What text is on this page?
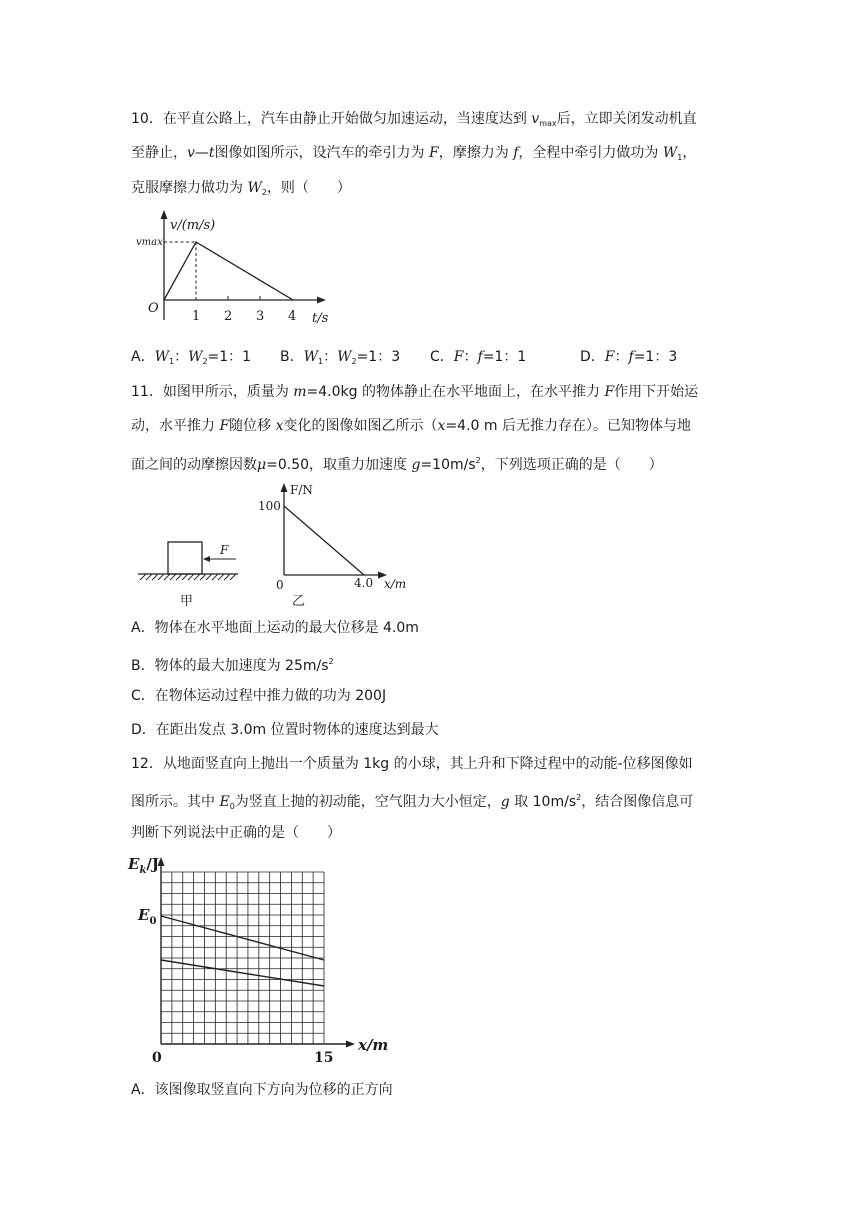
10．在平直公路上，汽车由静止开始做匀加速运动，当速度达到 $v_{max}$后，立即关闭发动机直
至静止，v—t图像如图所示，设汽车的牵引力为 F，摩擦力为 f，全程中牵引力做功为 $W_1$，
克服摩擦力做功为 $W_2$，则（　　）
v/(m/s)
vmax
O
1 2 3 4 t/s
A．$W_1$：$W_2=1$：1 B．$W_1$：$W_2=1$：3 C．F：f=1：1	D．F：f=1：3
11．如图甲所示，质量为 m=4.0kg 的物体静止在水平地面上，在水平推力 F作用下开始运
动，水平推力 F随位移 x变化的图像如图乙所示（x=4.0 m 后无推力存在）。已知物体与地
面之间的动摩擦因数μ=0.50，取重力加速度 $g=10m/s^2$，下列选项正确的是（　　）
F
甲
F/N
100
0	4.0 x/m
乙
A．物体在水平地面上运动的最大位移是 4.0m
B．物体的最大加速度为 $25m/s^2$
C．在物体运动过程中推力做的功为 200J
D．在距出发点 3.0m 位置时物体的速度达到最大
12．从地面竖直向上抛出一个质量为 1kg 的小球，其上升和下降过程中的动能-位移图像如
图所示。其中 $E_0$为竖直上抛的初动能，空气阻力大小恒定，g 取 $10m/s^2$，结合图像信息可
判断下列说法中正确的是（　　）
$E_k/J$
$E_0$
0	15
x/m
A．该图像取竖直向下方向为位移的正方向
